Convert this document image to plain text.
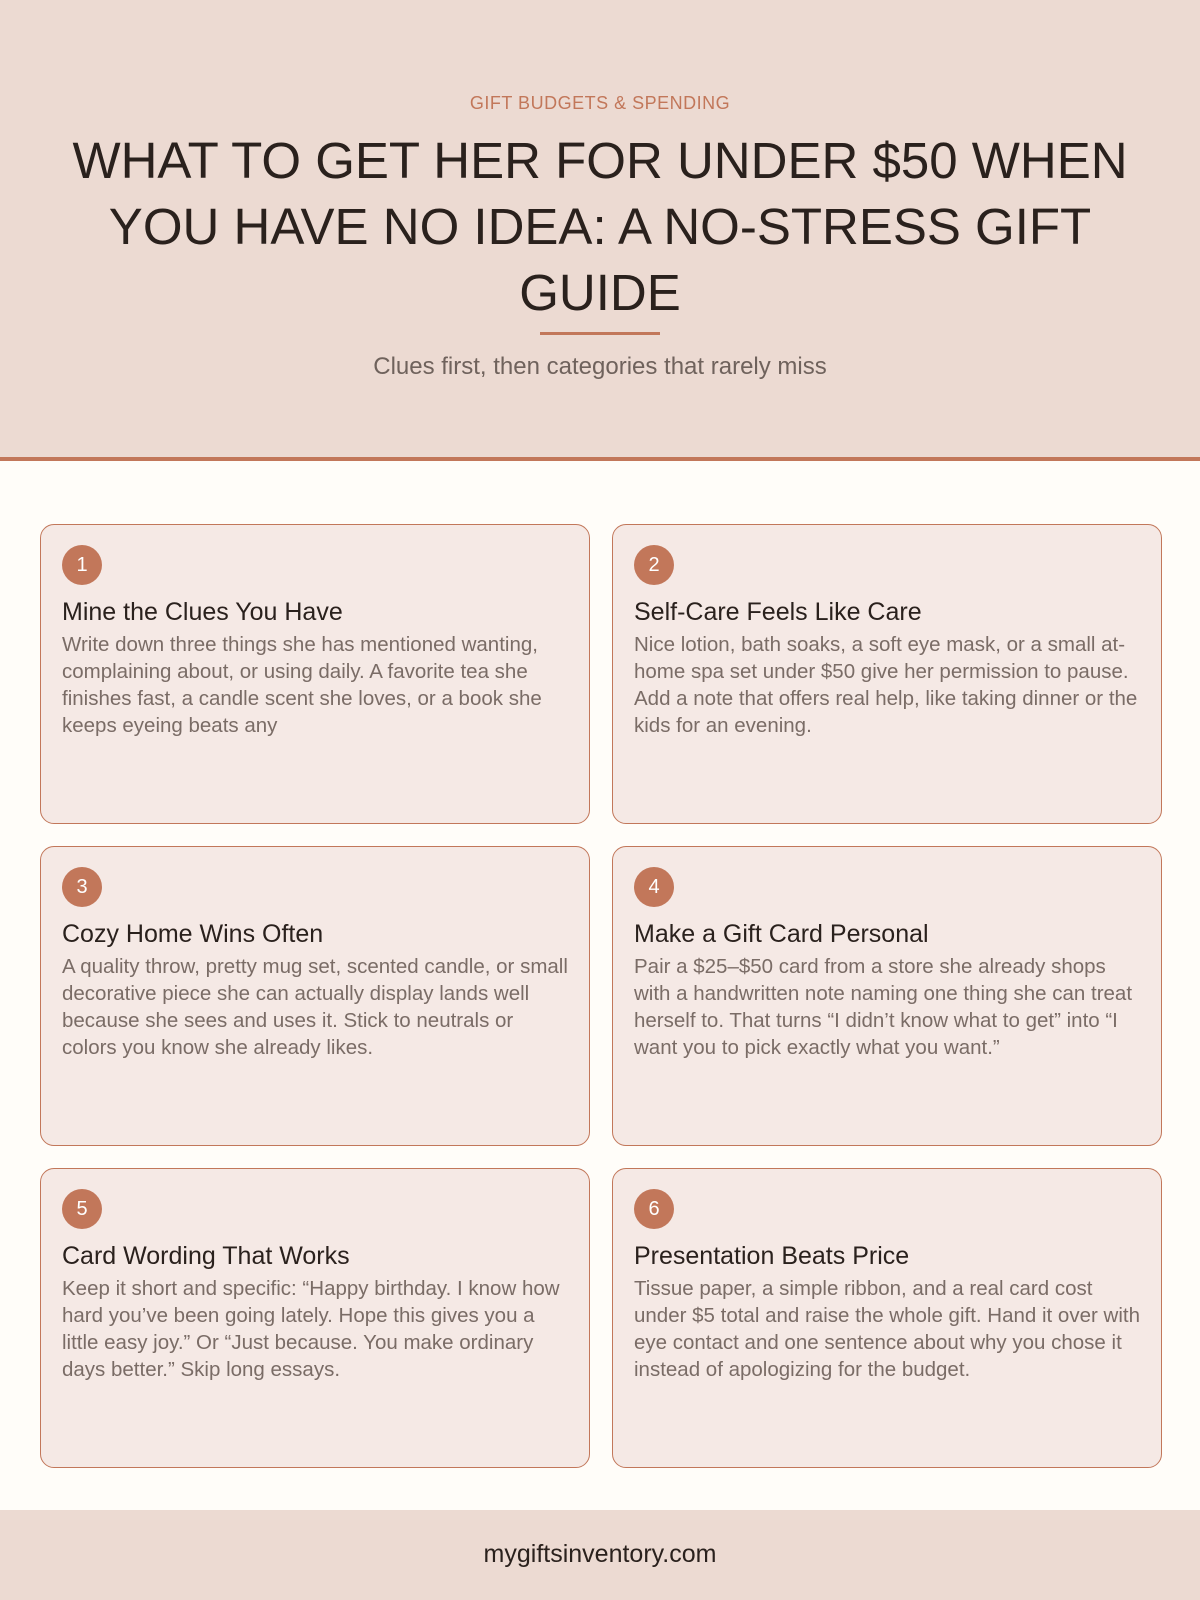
GIFT BUDGETS & SPENDING
WHAT TO GET HER FOR UNDER $50 WHEN YOU HAVE NO IDEA: A NO-STRESS GIFT GUIDE
Clues first, then categories that rarely miss
1
Mine the Clues You Have

Write down three things she has mentioned wanting, complaining about, or using daily. A favorite tea she finishes fast, a candle scent she loves, or a book she keeps eyeing beats any

2
Self-Care Feels Like Care

Nice lotion, bath soaks, a soft eye mask, or a small at-home spa set under $50 give her permission to pause. Add a note that offers real help, like taking dinner or the kids for an evening.

3
Cozy Home Wins Often

A quality throw, pretty mug set, scented candle, or small decorative piece she can actually display lands well because she sees and uses it. Stick to neutrals or colors you know she already likes.

4
Make a Gift Card Personal

Pair a $25–$50 card from a store she already shops with a handwritten note naming one thing she can treat herself to. That turns “I didn’t know what to get” into “I want you to pick exactly what you want.”

5
Card Wording That Works

Keep it short and specific: “Happy birthday. I know how hard you’ve been going lately. Hope this gives you a little easy joy.” Or “Just because. You make ordinary days better.” Skip long essays.

6
Presentation Beats Price

Tissue paper, a simple ribbon, and a real card cost under $5 total and raise the whole gift. Hand it over with eye contact and one sentence about why you chose it instead of apologizing for the budget.

mygiftsinventory.com
